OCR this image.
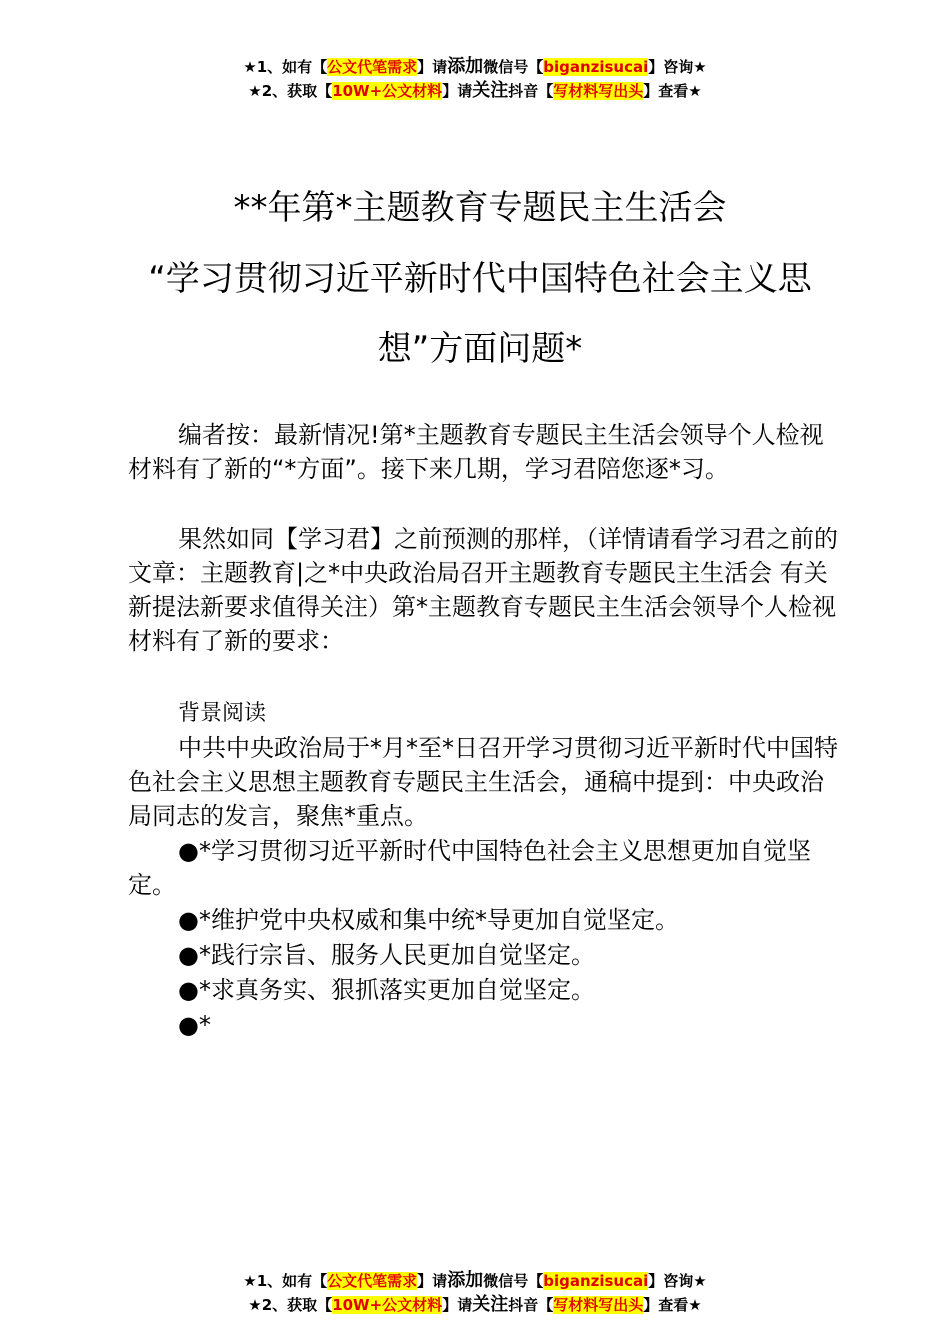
★1、如有【公文代笔需求】请添加微信号【biganzisucai】咨询★
★2、获取【10W+公文材料】请关注抖音【写材料写出头】查看★
**年第*主题教育专题民主生活会
“学习贯彻习近平新时代中国特色社会主义思
想”方面问题*
编者按：最新情况!第*主题教育专题民主生活会领导个人检视材料有了新的“*方面”。接下来几期，学习君陪您逐*习。
果然如同【学习君】之前预测的那样，（详情请看学习君之前的文章：主题教育|之*中央政治局召开主题教育专题民主生活会 有关新提法新要求值得关注）第*主题教育专题民主生活会领导个人检视材料有了新的要求：
背景阅读
中共中央政治局于*月*至*日召开学习贯彻习近平新时代中国特色社会主义思想主题教育专题民主生活会，通稿中提到：中央政治局同志的发言，聚焦*重点。
●*学习贯彻习近平新时代中国特色社会主义思想更加自觉坚定。
●*维护党中央权威和集中统*导更加自觉坚定。
●*践行宗旨、服务人民更加自觉坚定。
●*求真务实、狠抓落实更加自觉坚定。
●*
★1、如有【公文代笔需求】请添加微信号【biganzisucai】咨询★
★2、获取【10W+公文材料】请关注抖音【写材料写出头】查看★
